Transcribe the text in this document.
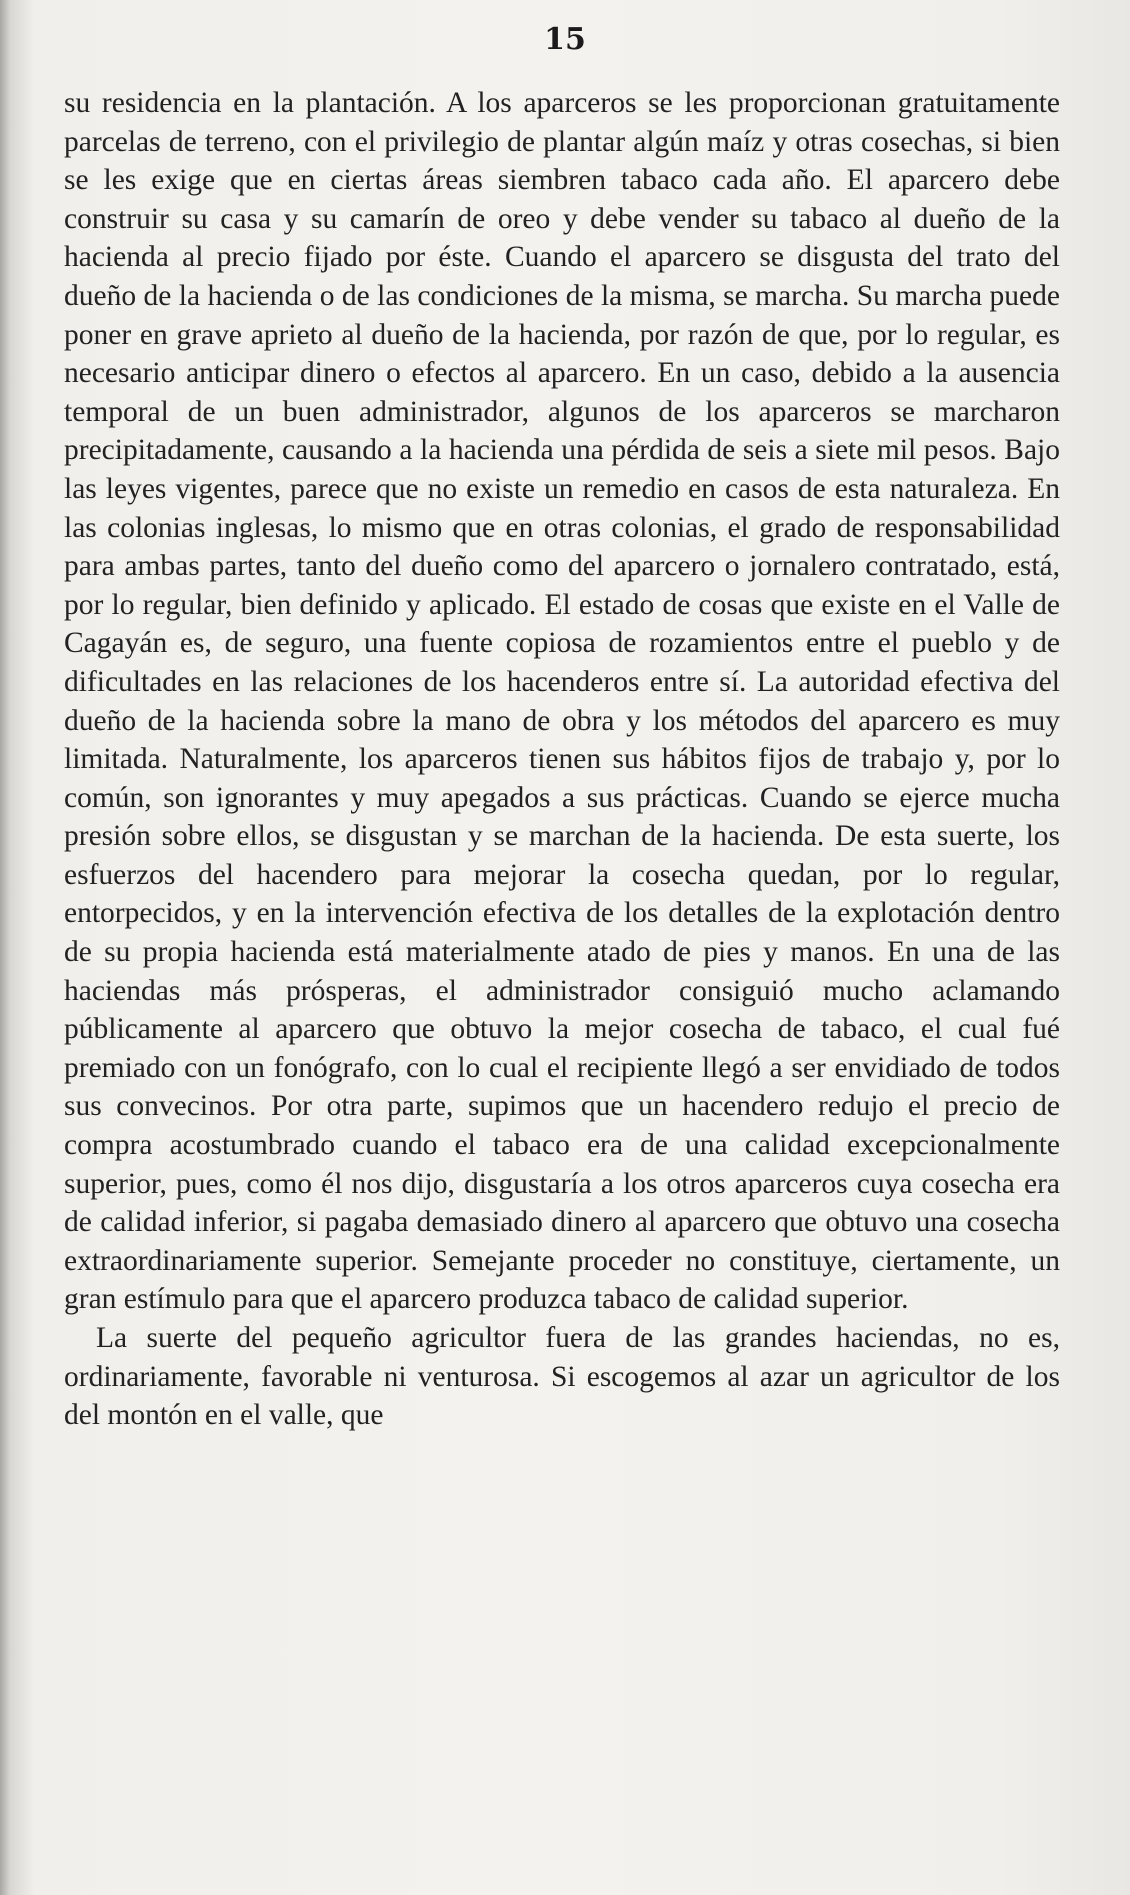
15

su residencia en la plantación. A los aparceros se les proporcionan gratuitamente parcelas de terreno, con el privilegio de plantar algún maíz y otras cosechas, si bien se les exige que en ciertas áreas siembren tabaco cada año. El aparcero debe construir su casa y su camarín de oreo y debe vender su tabaco al dueño de la hacienda al precio fijado por éste. Cuando el aparcero se disgusta del trato del dueño de la hacienda o de las condiciones de la misma, se marcha. Su marcha puede poner en grave aprieto al dueño de la hacienda, por razón de que, por lo regular, es necesario anticipar dinero o efectos al aparcero. En un caso, debido a la ausencia temporal de un buen administrador, algunos de los aparceros se marcharon precipitadamente, causando a la hacienda una pérdida de seis a siete mil pesos. Bajo las leyes vigentes, parece que no existe un remedio en casos de esta naturaleza. En las colonias inglesas, lo mismo que en otras colonias, el grado de responsabilidad para ambas partes, tanto del dueño como del aparcero o jornalero contratado, está, por lo regular, bien definido y aplicado. El estado de cosas que existe en el Valle de Cagayán es, de seguro, una fuente copiosa de rozamientos entre el pueblo y de dificultades en las relaciones de los hacenderos entre sí. La autoridad efectiva del dueño de la hacienda sobre la mano de obra y los métodos del aparcero es muy limitada. Naturalmente, los aparceros tienen sus hábitos fijos de trabajo y, por lo común, son ignorantes y muy apegados a sus prácticas. Cuando se ejerce mucha presión sobre ellos, se disgustan y se marchan de la hacienda. De esta suerte, los esfuerzos del hacendero para mejorar la cosecha quedan, por lo regular, entorpecidos, y en la intervención efectiva de los detalles de la explotación dentro de su propia hacienda está materialmente atado de pies y manos. En una de las haciendas más prósperas, el administrador consiguió mucho aclamando públicamente al aparcero que obtuvo la mejor cosecha de tabaco, el cual fué premiado con un fonógrafo, con lo cual el recipiente llegó a ser envidiado de todos sus convecinos. Por otra parte, supimos que un hacendero redujo el precio de compra acostumbrado cuando el tabaco era de una calidad excepcionalmente superior, pues, como él nos dijo, disgustaría a los otros aparceros cuya cosecha era de calidad inferior, si pagaba demasiado dinero al aparcero que obtuvo una cosecha extraordinariamente superior. Semejante proceder no constituye, ciertamente, un gran estímulo para que el aparcero produzca tabaco de calidad superior.

La suerte del pequeño agricultor fuera de las grandes haciendas, no es, ordinariamente, favorable ni venturosa. Si escogemos al azar un agricultor de los del montón en el valle, que
